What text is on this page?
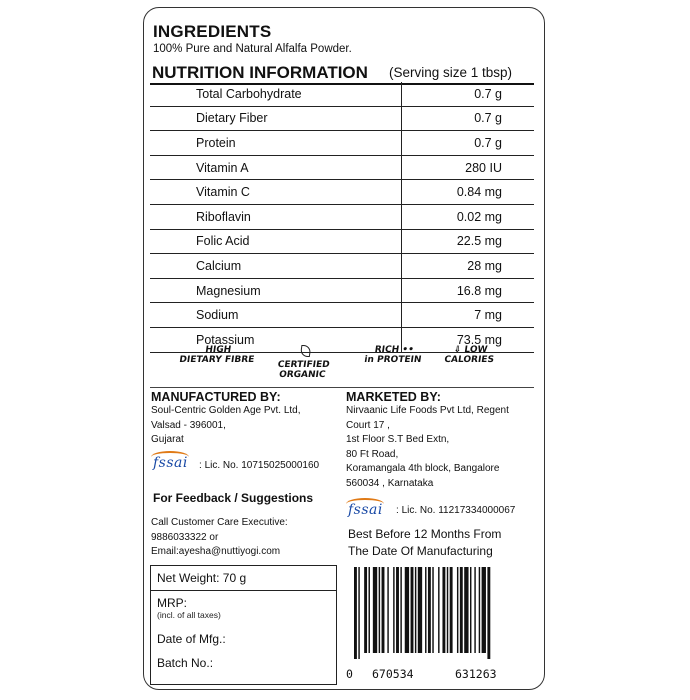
INGREDIENTS
100% Pure and Natural Alfalfa Powder.
NUTRITION INFORMATION (Serving size 1 tbsp)
Total Carbohydrate	0.7 g
Dietary Fiber	0.7 g
Protein	0.7 g
Vitamin A	280 IU
Vitamin C	0.84 mg
Riboflavin	0.02 mg
Folic Acid	22.5 mg
Calcium	28 mg
Magnesium	16.8 mg
Sodium	7 mg
Potassium	73.5 mg
HIGH
DIETARY FIBRE CERTIFIED
ORGANIC
RICH ••
in PROTEIN
⇓ LOW
CALORIES
MANUFACTURED BY:
Soul-Centric Golden Age Pvt. Ltd,
Valsad - 396001,
Gujarat
fssai : Lic. No. 10715025000160
For Feedback / Suggestions
Call Customer Care Executive:
9886033322 or
Email:ayesha@nuttiyogi.com
MARKETED BY:
Nirvaanic Life Foods Pvt Ltd, Regent
Court 17 ,
1st Floor S.T Bed Extn,
80 Ft Road,
Koramangala 4th block, Bangalore
560034 , Karnataka
fssai : Lic. No. 11217334000067
Best Before 12 Months From
The Date Of Manufacturing
Net Weight: 70 g
MRP:
(incl. of all taxes)
Date of Mfg.:
Batch No.:
0 670534	631263
